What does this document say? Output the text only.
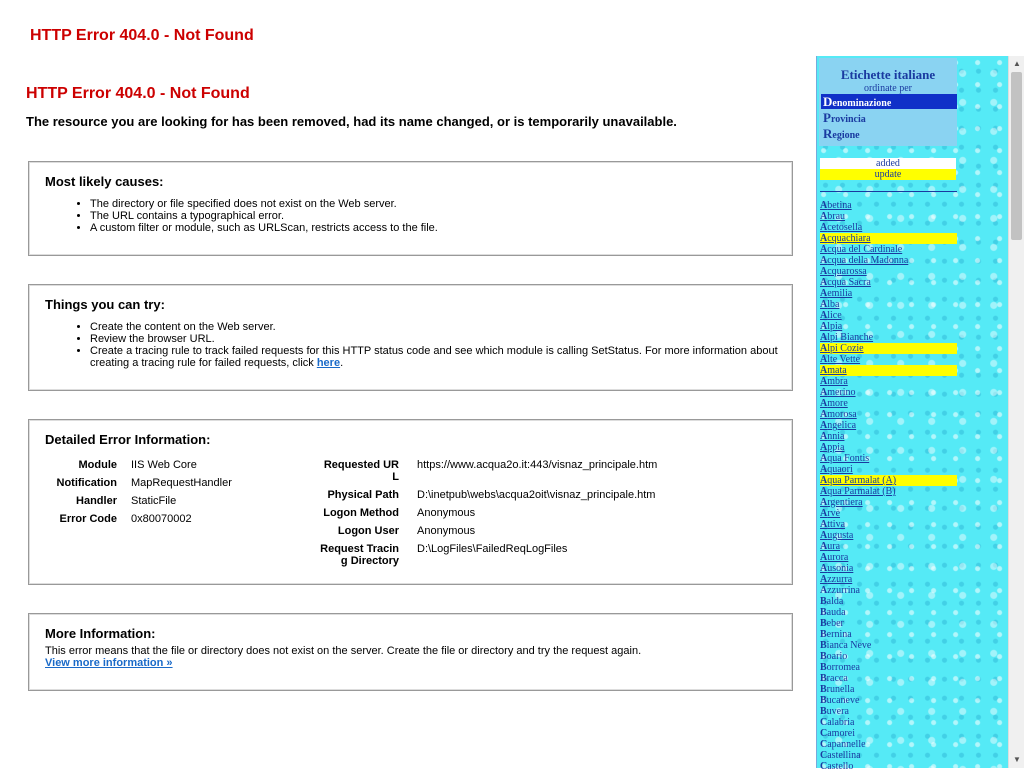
HTTP Error 404.0 - Not Found
HTTP Error 404.0 - Not Found
The resource you are looking for has been removed, had its name changed, or is temporarily unavailable.
Most likely causes:
• The directory or file specified does not exist on the Web server.
• The URL contains a typographical error.
• A custom filter or module, such as URLScan, restricts access to the file.
Things you can try:
• Create the content on the Web server.
• Review the browser URL.
• Create a tracing rule to track failed requests for this HTTP status code and see which module is calling SetStatus. For more information about creating a tracing rule for failed requests, click here.
Detailed Error Information:
Module IIS Web Core
Notification MapRequestHandler
Handler StaticFile
Error Code 0x80070002
Requested UR
L
https://www.acqua2o.it:443/visnaz_principale.htm
Physical Path D:\inetpub\webs\acqua2oit\visnaz_principale.htm
Logon Method Anonymous
Logon User Anonymous
Request Tracin
g Directory
D:\LogFiles\FailedReqLogFiles
More Information:
This error means that the file or directory does not exist on the server. Create the file or directory and try the request again.
View more information »
Etichette italiane
ordinate per
Denominazione
Provincia
Regione
added
update
Abetina
Abrau
Acetosella
Acquachiara
Acqua del Cardinale
Acqua della Madonna
Acquarossa
Acqua Sacra
Aemilia
Alba
Alice
Alpia
Alpi Bianche
Alpi Cozie
Alte Vette
Amata
Ambra
Amerino
Amore
Amorosa
Angelica
Annia
Appia
Aqua Fontis
Aquaori
Aqua Parmalat (A)
Aqua Parmalat (B)
Argentiera
Arvè
Attiva
Augusta
Aura
Aurora
Ausonia
Azzurra
Azzurrina
Balda
Bauda
Beber
Bernina
Bianca Neve
Boario
Borromea
Bracca
Brunella
Bucaneve
Buvera
Calabria
Camorei
Capannelle
Castellina
Castello
▲
▼
